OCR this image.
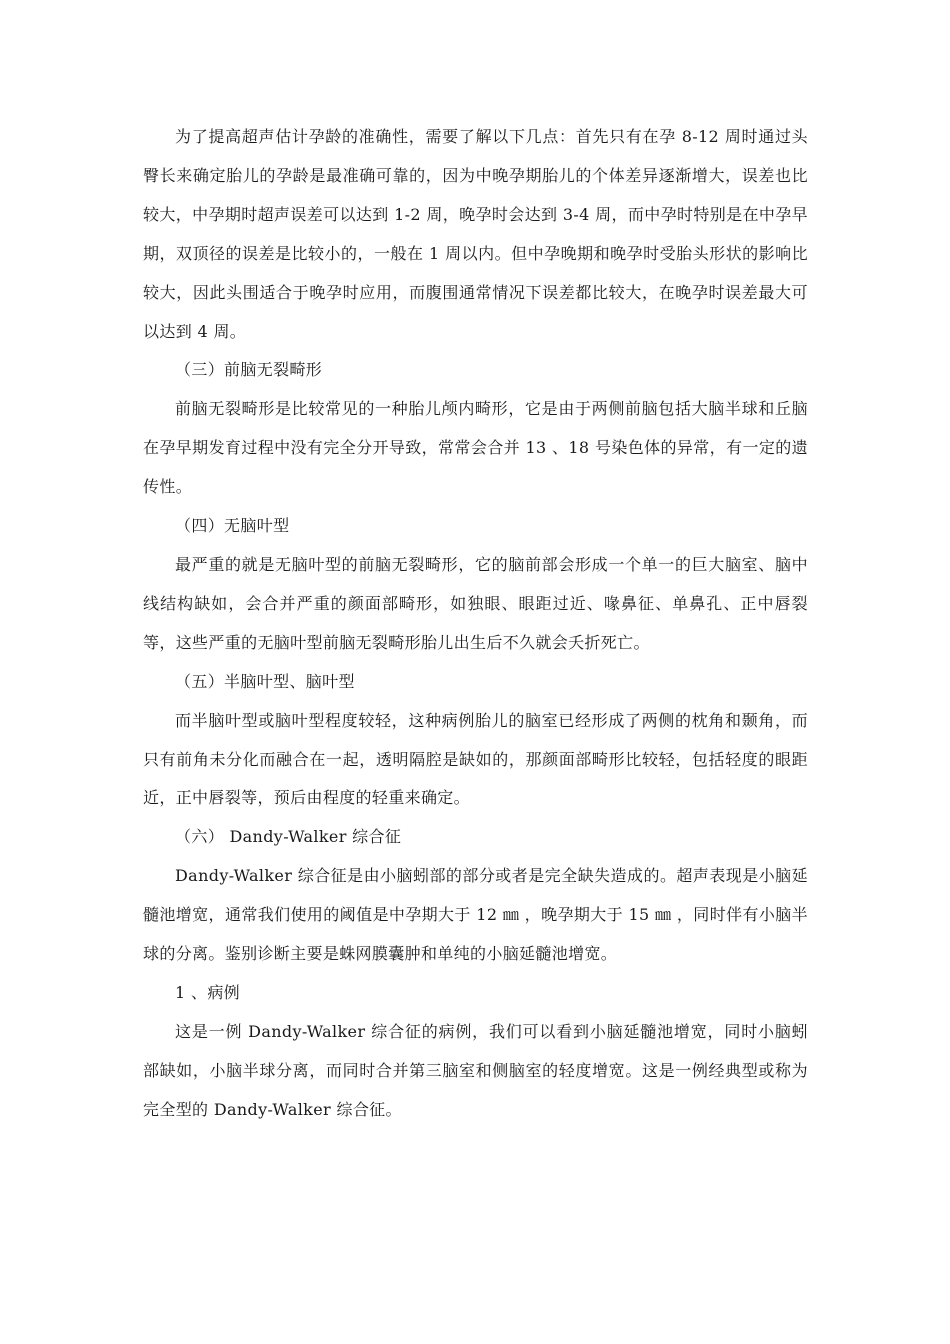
为了提高超声估计孕龄的准确性，需要了解以下几点：首先只有在孕 8-12 周时通过头臀长来确定胎儿的孕龄是最准确可靠的，因为中晚孕期胎儿的个体差异逐渐增大，误差也比较大，中孕期时超声误差可以达到 1-2 周，晚孕时会达到 3-4 周，而中孕时特别是在中孕早期，双顶径的误差是比较小的，一般在 1 周以内。但中孕晚期和晚孕时受胎头形状的影响比较大，因此头围适合于晚孕时应用，而腹围通常情况下误差都比较大，在晚孕时误差最大可以达到 4 周。

（三）前脑无裂畸形

前脑无裂畸形是比较常见的一种胎儿颅内畸形，它是由于两侧前脑包括大脑半球和丘脑在孕早期发育过程中没有完全分开导致，常常会合并 13 、18 号染色体的异常，有一定的遗传性。

（四）无脑叶型

最严重的就是无脑叶型的前脑无裂畸形，它的脑前部会形成一个单一的巨大脑室、脑中线结构缺如，会合并严重的颜面部畸形，如独眼、眼距过近、喙鼻征、单鼻孔、正中唇裂等，这些严重的无脑叶型前脑无裂畸形胎儿出生后不久就会夭折死亡。

（五）半脑叶型、脑叶型

而半脑叶型或脑叶型程度较轻，这种病例胎儿的脑室已经形成了两侧的枕角和颞角，而只有前角未分化而融合在一起，透明隔腔是缺如的，那颜面部畸形比较轻，包括轻度的眼距近，正中唇裂等，预后由程度的轻重来确定。

（六） Dandy-Walker 综合征

Dandy-Walker 综合征是由小脑蚓部的部分或者是完全缺失造成的。超声表现是小脑延髓池增宽，通常我们使用的阈值是中孕期大于 12 ㎜ ，晚孕期大于 15 ㎜ ，同时伴有小脑半球的分离。鉴别诊断主要是蛛网膜囊肿和单纯的小脑延髓池增宽。

1 、病例

这是一例 Dandy-Walker 综合征的病例，我们可以看到小脑延髓池增宽，同时小脑蚓部缺如，小脑半球分离，而同时合并第三脑室和侧脑室的轻度增宽。这是一例经典型或称为完全型的 Dandy-Walker 综合征。
